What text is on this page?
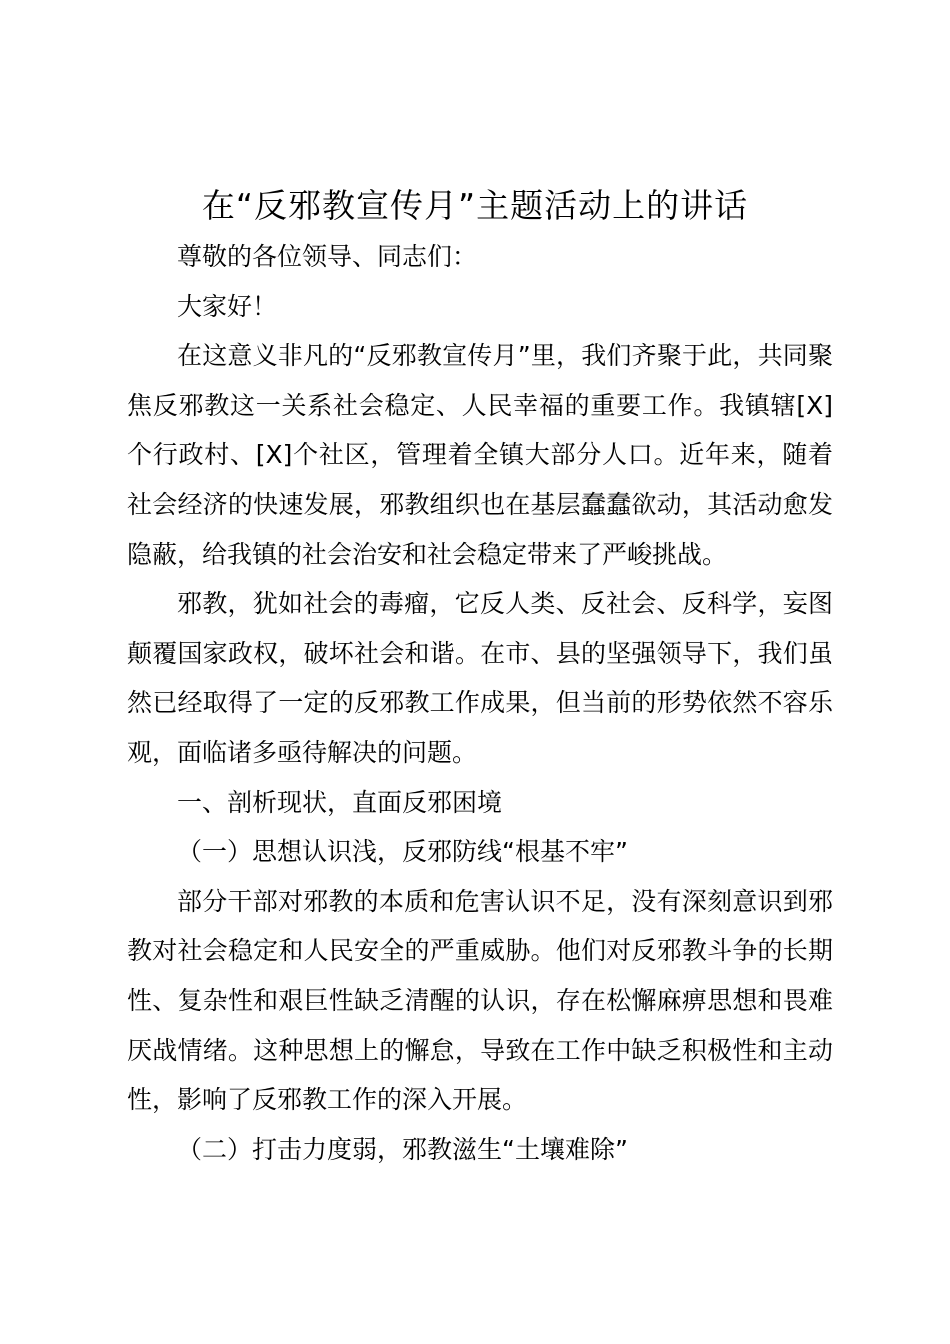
在“反邪教宣传月”主题活动上的讲话

尊敬的各位领导、同志们：

大家好！

在这意义非凡的“反邪教宣传月”里，我们齐聚于此，共同聚焦反邪教这一关系社会稳定、人民幸福的重要工作。我镇辖[X]个行政村、[X]个社区，管理着全镇大部分人口。近年来，随着社会经济的快速发展，邪教组织也在基层蠢蠢欲动，其活动愈发隐蔽，给我镇的社会治安和社会稳定带来了严峻挑战。

邪教，犹如社会的毒瘤，它反人类、反社会、反科学，妄图颠覆国家政权，破坏社会和谐。在市、县的坚强领导下，我们虽然已经取得了一定的反邪教工作成果，但当前的形势依然不容乐观，面临诸多亟待解决的问题。

一、剖析现状，直面反邪困境

（一）思想认识浅，反邪防线“根基不牢”

部分干部对邪教的本质和危害认识不足，没有深刻意识到邪教对社会稳定和人民安全的严重威胁。他们对反邪教斗争的长期性、复杂性和艰巨性缺乏清醒的认识，存在松懈麻痹思想和畏难厌战情绪。这种思想上的懈怠，导致在工作中缺乏积极性和主动性，影响了反邪教工作的深入开展。

（二）打击力度弱，邪教滋生“土壤难除”
